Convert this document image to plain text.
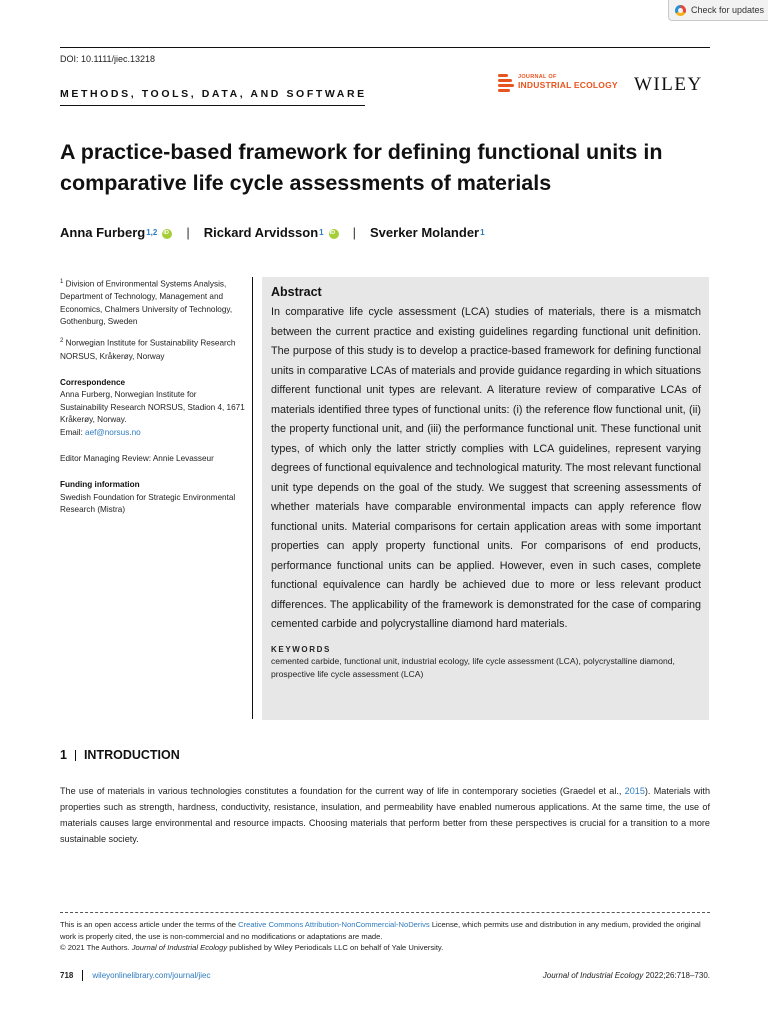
Check for updates
DOI: 10.1111/jiec.13218
METHODS, TOOLS, DATA, AND SOFTWARE
JOURNAL OF
INDUSTRIAL ECOLOGY WILEY
A practice-based framework for defining functional units in comparative life cycle assessments of materials
Anna Furberg 1,2 iD | Rickard Arvidsson 1 iD | Sverker Molander 1

$^1$ Division of Environmental Systems Analysis, Department of Technology, Management and Economics, Chalmers University of Technology, Gothenburg, Sweden

$^2$ Norwegian Institute for Sustainability Research NORSUS, Kråkerøy, Norway

Correspondence
Anna Furberg, Norwegian Institute for Sustainability Research NORSUS, Stadion 4, 1671 Kråkerøy, Norway.
Email: aef@norsus.no
Editor Managing Review: Annie Levasseur
Funding information
Swedish Foundation for Strategic Environmental Research (Mistra)
Abstract

In comparative life cycle assessment (LCA) studies of materials, there is a mismatch between the current practice and existing guidelines regarding functional unit definition. The purpose of this study is to develop a practice-based framework for defining functional units in comparative LCAs of materials and provide guidance regarding in which situations different functional unit types are relevant. A literature review of comparative LCAs of materials identified three types of functional units: (i) the reference flow functional unit, (ii) the property functional unit, and (iii) the performance functional unit. These functional unit types, of which only the latter strictly complies with LCA guidelines, represent varying degrees of functional equivalence and technological maturity. The most relevant functional unit type depends on the goal of the study. We suggest that screening assessments of whether materials have comparable environmental impacts can apply reference flow functional units. Material comparisons for certain application areas with some important properties can apply property functional units. For comparisons of end products, performance functional units can be applied. However, even in such cases, complete functional equivalence can hardly be achieved due to more or less relevant product differences. The applicability of the framework is demonstrated for the case of comparing cemented carbide and polycrystalline diamond hard materials.

KEYWORDS
cemented carbide, functional unit, industrial ecology, life cycle assessment (LCA), polycrystalline diamond, prospective life cycle assessment (LCA)
1 INTRODUCTION

The use of materials in various technologies constitutes a foundation for the current way of life in contemporary societies (Graedel et al., 2015). Materials with properties such as strength, hardness, conductivity, resistance, insulation, and permeability have enabled numerous applications. At the same time, the use of materials causes large environmental and resource impacts. Choosing materials that perform better from these perspectives is crucial for a transition to a more sustainable society.

This is an open access article under the terms of the Creative Commons Attribution-NonCommercial-NoDerivs License, which permits use and distribution in any medium, provided the original work is properly cited, the use is non-commercial and no modifications or adaptations are made.
© 2021 The Authors. Journal of Industrial Ecology published by Wiley Periodicals LLC on behalf of Yale University.

718 wileyonlinelibrary.com/journal/jiec	Journal of Industrial Ecology 2022;26:718–730.
